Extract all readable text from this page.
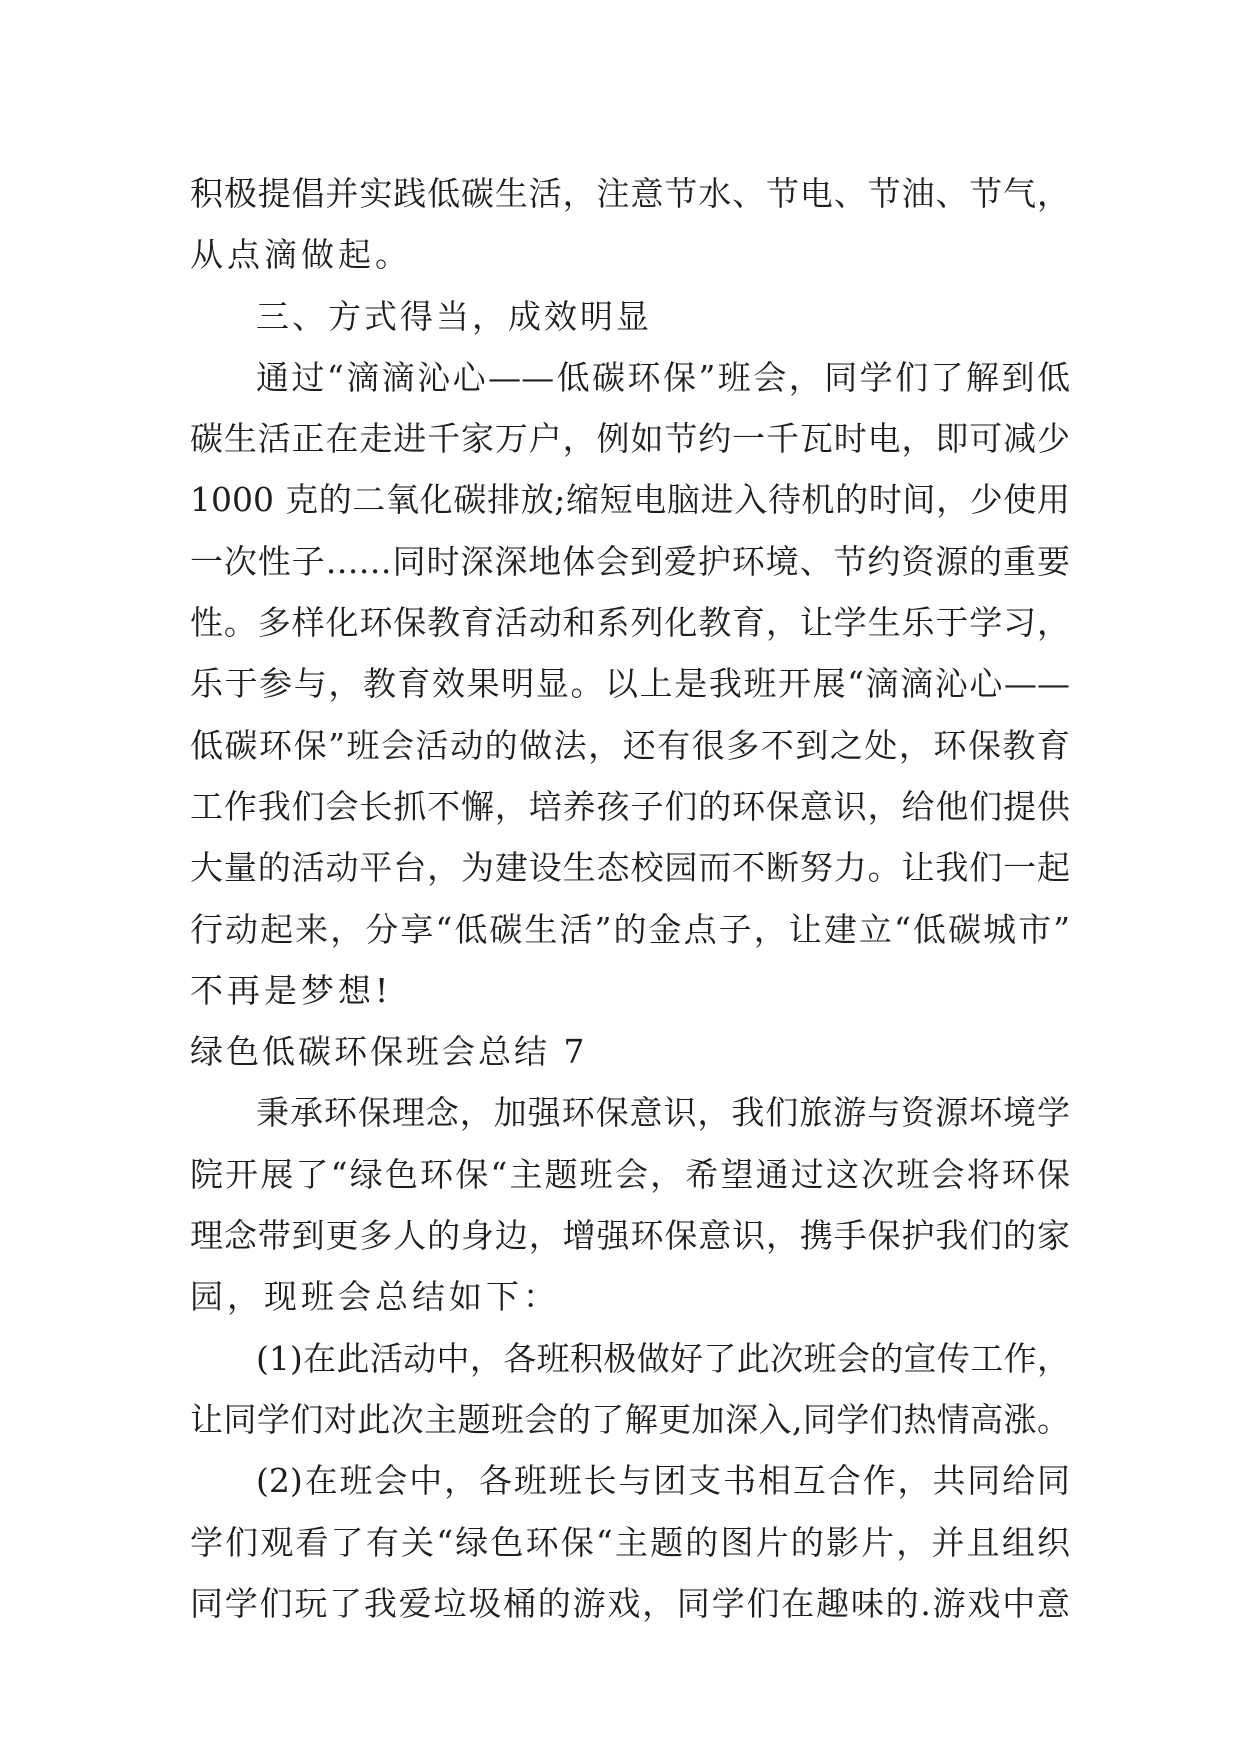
积极提倡并实践低碳生活，注意节水、节电、节油、节气，
从点滴做起。
三、方式得当，成效明显
通过“滴滴沁心——低碳环保”班会，同学们了解到低
碳生活正在走进千家万户，例如节约一千瓦时电，即可减少
1000 克的二氧化碳排放;缩短电脑进入待机的时间，少使用
一次性子……同时深深地体会到爱护环境、节约资源的重要
性。多样化环保教育活动和系列化教育，让学生乐于学习，
乐于参与，教育效果明显。以上是我班开展“滴滴沁心——
低碳环保”班会活动的做法，还有很多不到之处，环保教育
工作我们会长抓不懈，培养孩子们的环保意识，给他们提供
大量的活动平台，为建设生态校园而不断努力。让我们一起
行动起来，分享“低碳生活”的金点子，让建立“低碳城市”
不再是梦想!
绿色低碳环保班会总结 7
秉承环保理念，加强环保意识，我们旅游与资源坏境学
院开展了“绿色环保“主题班会，希望通过这次班会将环保
理念带到更多人的身边，增强环保意识，携手保护我们的家
园，现班会总结如下：
(1)在此活动中，各班积极做好了此次班会的宣传工作，
让同学们对此次主题班会的了解更加深入,同学们热情高涨。
(2)在班会中，各班班长与团支书相互合作，共同给同
学们观看了有关“绿色环保“主题的图片的影片，并且组织
同学们玩了我爱垃圾桶的游戏，同学们在趣味的.游戏中意
